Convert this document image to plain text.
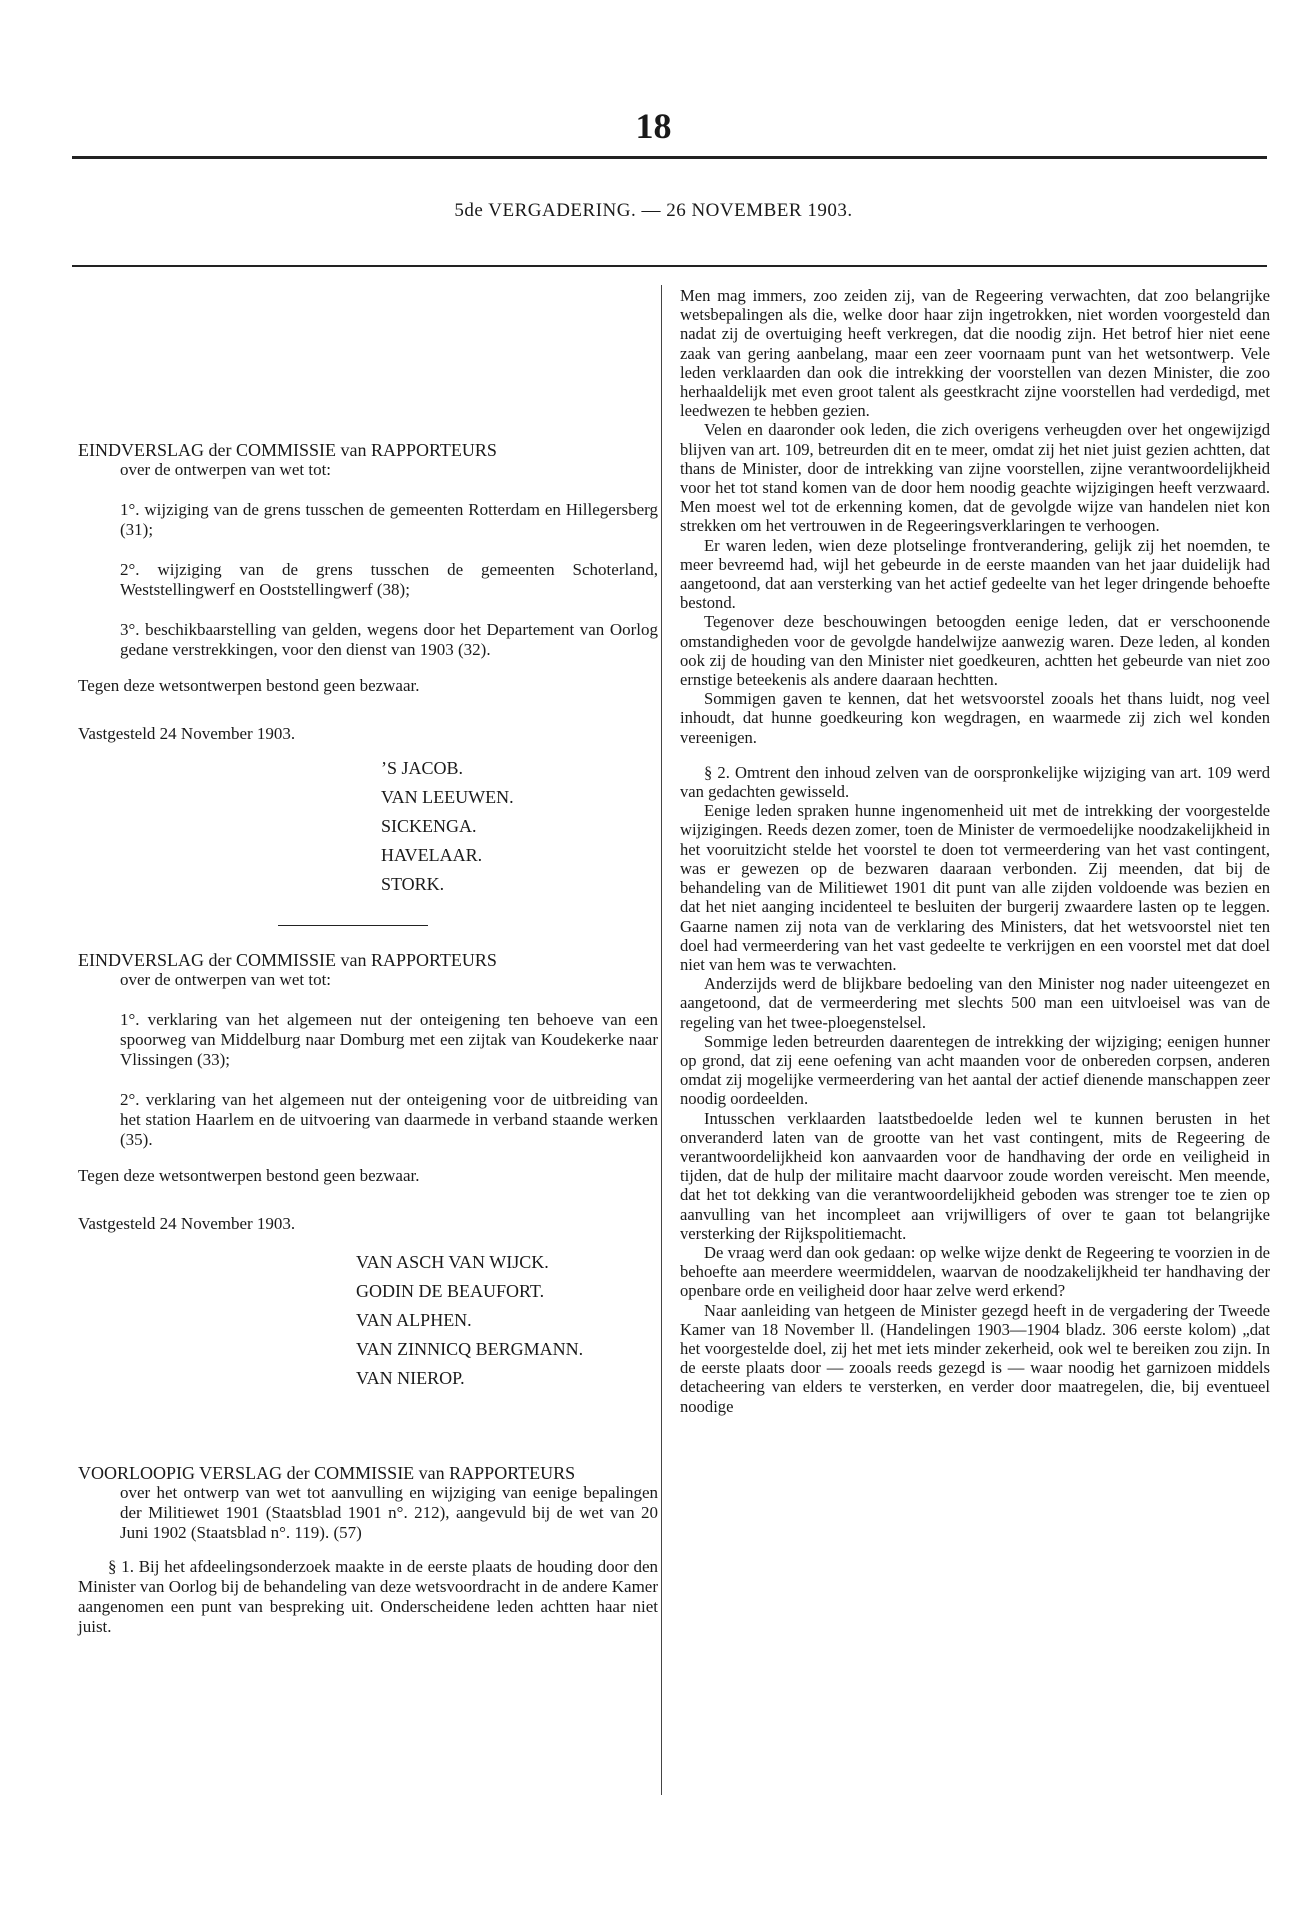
18
5de VERGADERING. — 26 NOVEMBER 1903.

EINDVERSLAG der COMMISSIE van RAPPORTEURS

over de ontwerpen van wet tot:

1°. wijziging van de grens tusschen de gemeenten Rotterdam en Hillegersberg (31);

2°. wijziging van de grens tusschen de gemeenten Schoterland, Weststellingwerf en Ooststellingwerf (38);

3°. beschikbaarstelling van gelden, wegens door het Departement van Oorlog gedane verstrekkingen, voor den dienst van 1903 (32).

Tegen deze wetsontwerpen bestond geen bezwaar.

Vastgesteld 24 November 1903.

’S JACOB.
VAN LEEUWEN.
SICKENGA.
HAVELAAR.
STORK.

EINDVERSLAG der COMMISSIE van RAPPORTEURS

over de ontwerpen van wet tot:

1°. verklaring van het algemeen nut der onteigening ten behoeve van een spoorweg van Middelburg naar Domburg met een zijtak van Koudekerke naar Vlissingen (33);

2°. verklaring van het algemeen nut der onteigening voor de uitbreiding van het station Haarlem en de uitvoering van daarmede in verband staande werken (35).

Tegen deze wetsontwerpen bestond geen bezwaar.

Vastgesteld 24 November 1903.

VAN ASCH VAN WIJCK.
GODIN DE BEAUFORT.
VAN ALPHEN.
VAN ZINNICQ BERGMANN.
VAN NIEROP.

VOORLOOPIG VERSLAG der COMMISSIE van RAPPORTEURS

over het ontwerp van wet tot aanvulling en wijziging van eenige bepalingen der Militiewet 1901 (Staatsblad 1901 n°. 212), aangevuld bij de wet van 20 Juni 1902 (Staatsblad n°. 119). (57)

§ 1. Bij het afdeelingsonderzoek maakte in de eerste plaats de houding door den Minister van Oorlog bij de behandeling van deze wetsvoordracht in de andere Kamer aangenomen een punt van bespreking uit. Onderscheidene leden achtten haar niet juist.

Men mag immers, zoo zeiden zij, van de Regeering verwachten, dat zoo belangrijke wetsbepalingen als die, welke door haar zijn ingetrokken, niet worden voorgesteld dan nadat zij de overtuiging heeft verkregen, dat die noodig zijn. Het betrof hier niet eene zaak van gering aanbelang, maar een zeer voornaam punt van het wetsontwerp. Vele leden verklaarden dan ook die intrekking der voorstellen van dezen Minister, die zoo herhaaldelijk met even groot talent als geestkracht zijne voorstellen had verdedigd, met leedwezen te hebben gezien.

Velen en daaronder ook leden, die zich overigens verheugden over het ongewijzigd blijven van art. 109, betreurden dit en te meer, omdat zij het niet juist gezien achtten, dat thans de Minister, door de intrekking van zijne voorstellen, zijne verantwoordelijkheid voor het tot stand komen van de door hem noodig geachte wijzigingen heeft verzwaard. Men moest wel tot de erkenning komen, dat de gevolgde wijze van handelen niet kon strekken om het vertrouwen in de Regeeringsverklaringen te verhoogen.

Er waren leden, wien deze plotselinge frontverandering, gelijk zij het noemden, te meer bevreemd had, wijl het gebeurde in de eerste maanden van het jaar duidelijk had aangetoond, dat aan versterking van het actief gedeelte van het leger dringende behoefte bestond.

Tegenover deze beschouwingen betoogden eenige leden, dat er verschoonende omstandigheden voor de gevolgde handelwijze aanwezig waren. Deze leden, al konden ook zij de houding van den Minister niet goedkeuren, achtten het gebeurde van niet zoo ernstige beteekenis als andere daaraan hechtten.

Sommigen gaven te kennen, dat het wetsvoorstel zooals het thans luidt, nog veel inhoudt, dat hunne goedkeuring kon wegdragen, en waarmede zij zich wel konden vereenigen.

§ 2. Omtrent den inhoud zelven van de oorspronkelijke wijziging van art. 109 werd van gedachten gewisseld.

Eenige leden spraken hunne ingenomenheid uit met de intrekking der voorgestelde wijzigingen. Reeds dezen zomer, toen de Minister de vermoedelijke noodzakelijkheid in het vooruitzicht stelde het voorstel te doen tot vermeerdering van het vast contingent, was er gewezen op de bezwaren daaraan verbonden. Zij meenden, dat bij de behandeling van de Militiewet 1901 dit punt van alle zijden voldoende was bezien en dat het niet aanging incidenteel te besluiten der burgerij zwaardere lasten op te leggen. Gaarne namen zij nota van de verklaring des Ministers, dat het wetsvoorstel niet ten doel had vermeerdering van het vast gedeelte te verkrijgen en een voorstel met dat doel niet van hem was te verwachten.

Anderzijds werd de blijkbare bedoeling van den Minister nog nader uiteengezet en aangetoond, dat de vermeerdering met slechts 500 man een uitvloeisel was van de regeling van het twee-ploegenstelsel.

Sommige leden betreurden daarentegen de intrekking der wijziging; eenigen hunner op grond, dat zij eene oefening van acht maanden voor de onbereden corpsen, anderen omdat zij mogelijke vermeerdering van het aantal der actief dienende manschappen zeer noodig oordeelden.

Intusschen verklaarden laatstbedoelde leden wel te kunnen berusten in het onveranderd laten van de grootte van het vast contingent, mits de Regeering de verantwoordelijkheid kon aanvaarden voor de handhaving der orde en veiligheid in tijden, dat de hulp der militaire macht daarvoor zoude worden vereischt. Men meende, dat het tot dekking van die verantwoordelijkheid geboden was strenger toe te zien op aanvulling van het incompleet aan vrijwilligers of over te gaan tot belangrijke versterking der Rijkspolitiemacht.

De vraag werd dan ook gedaan: op welke wijze denkt de Regeering te voorzien in de behoefte aan meerdere weermiddelen, waarvan de noodzakelijkheid ter handhaving der openbare orde en veiligheid door haar zelve werd erkend?

Naar aanleiding van hetgeen de Minister gezegd heeft in de vergadering der Tweede Kamer van 18 November ll. (Handelingen 1903—1904 bladz. 306 eerste kolom) „dat het voorgestelde doel, zij het met iets minder zekerheid, ook wel te bereiken zou zijn. In de eerste plaats door — zooals reeds gezegd is — waar noodig het garnizoen middels detacheering van elders te versterken, en verder door maatregelen, die, bij eventueel noodige
